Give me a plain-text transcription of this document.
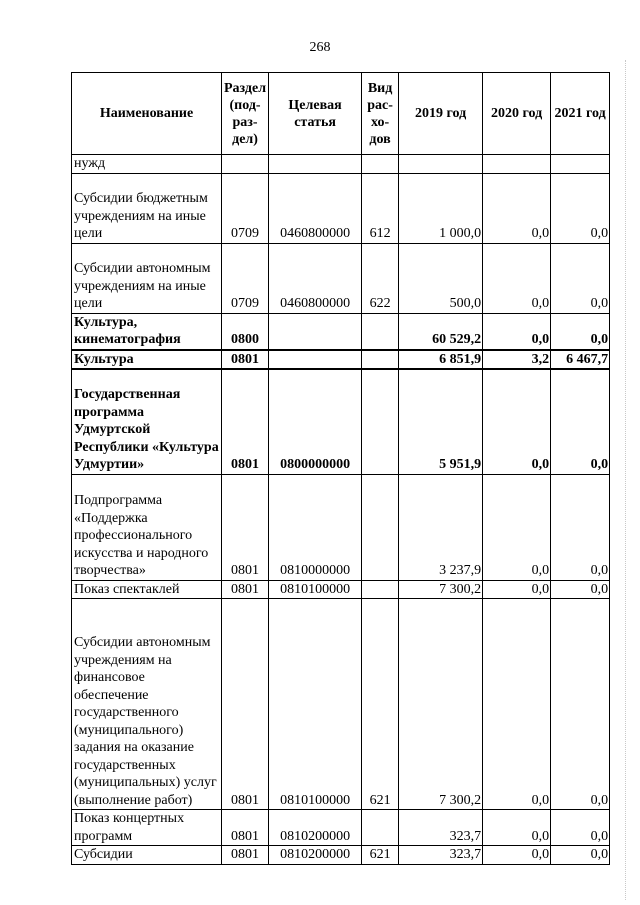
268
Наименование	Раздел (под-раз-дел)	Целевая статья	Вид рас-хо-дов	2019 год	2020 год	2021 год
нужд						
Субсидии бюджетным учреждениям на иные цели	0709	0460800000	612	1 000,0	0,0	0,0
Субсидии автономным учреждениям на иные цели	0709	0460800000	622	500,0	0,0	0,0
Культура, кинематография	0800			60 529,2	0,0	0,0
Культура	0801			6 851,9	3,2	6 467,7
Государственная программа Удмуртской Республики «Культура Удмуртии»	0801	0800000000		5 951,9	0,0	0,0
Подпрограмма «Поддержка профессионального искусства и народного творчества»	0801	0810000000		3 237,9	0,0	0,0
Показ спектаклей	0801	0810100000		7 300,2	0,0	0,0
Субсидии автономным учреждениям на финансовое обеспечение государственного (муниципального) задания на оказание государственных (муниципальных) услуг (выполнение работ)	0801	0810100000	621	7 300,2	0,0	0,0
Показ концертных программ	0801	0810200000		323,7	0,0	0,0
Субсидии	0801	0810200000	621	323,7	0,0	0,0
